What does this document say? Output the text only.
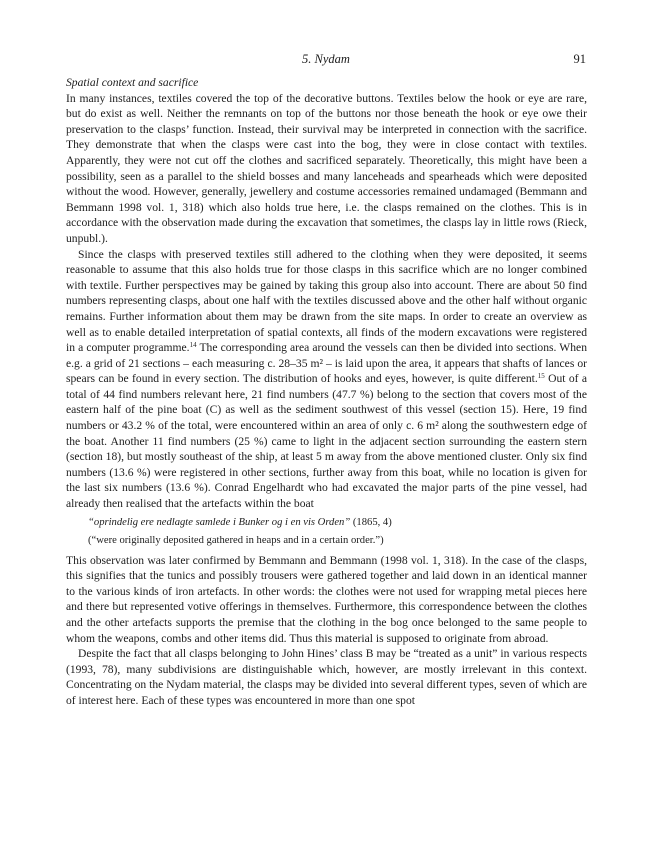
5. Nydam	91

Spatial context and sacrifice

In many instances, textiles covered the top of the decorative buttons. Textiles below the hook or eye are rare, but do exist as well. Neither the remnants on top of the buttons nor those beneath the hook or eye owe their preservation to the clasps’ function. Instead, their survival may be interpreted in connection with the sacrifice. They demonstrate that when the clasps were cast into the bog, they were in close contact with textiles. Apparently, they were not cut off the clothes and sacrificed separately. Theoretically, this might have been a possibility, seen as a parallel to the shield bosses and many lanceheads and spearheads which were deposited without the wood. However, generally, jewellery and costume accessories remained undamaged (Bemmann and Bemmann 1998 vol. 1, 318) which also holds true here, i.e. the clasps remained on the clothes. This is in accordance with the observation made during the excavation that sometimes, the clasps lay in little rows (Rieck, unpubl.).

Since the clasps with preserved textiles still adhered to the clothing when they were deposited, it seems reasonable to assume that this also holds true for those clasps in this sacrifice which are no longer combined with textile. Further perspectives may be gained by taking this group also into account. There are about 50 find numbers representing clasps, about one half with the textiles discussed above and the other half without organic remains. Further information about them may be drawn from the site maps. In order to create an overview as well as to enable detailed interpretation of spatial contexts, all finds of the modern excavations were registered in a computer programme.$^{14}$ The corresponding area around the vessels can then be divided into sections. When e.g. a grid of 21 sections – each measuring c. 28–35 m² – is laid upon the area, it appears that shafts of lances or spears can be found in every section. The distribution of hooks and eyes, however, is quite different.$^{15}$ Out of a total of 44 find numbers relevant here, 21 find numbers (47.7 %) belong to the section that covers most of the eastern half of the pine boat (C) as well as the sediment southwest of this vessel (section 15). Here, 19 find numbers or 43.2 % of the total, were encountered within an area of only c. 6 m² along the southwestern edge of the boat. Another 11 find numbers (25 %) came to light in the adjacent section surrounding the eastern stern (section 18), but mostly southeast of the ship, at least 5 m away from the above mentioned cluster. Only six find numbers (13.6 %) were registered in other sections, further away from this boat, while no location is given for the last six numbers (13.6 %). Conrad Engelhardt who had excavated the major parts of the pine vessel, had already then realised that the artefacts within the boat

“oprindelig ere nedlagte samlede i Bunker og i en vis Orden” (1865, 4)
(“were originally deposited gathered in heaps and in a certain order.”)

This observation was later confirmed by Bemmann and Bemmann (1998 vol. 1, 318). In the case of the clasps, this signifies that the tunics and possibly trousers were gathered together and laid down in an identical manner to the various kinds of iron artefacts. In other words: the clothes were not used for wrapping metal pieces here and there but represented votive offerings in themselves. Furthermore, this correspondence between the clothes and the other artefacts supports the premise that the clothing in the bog once belonged to the same people to whom the weapons, combs and other items did. Thus this material is supposed to originate from abroad.

Despite the fact that all clasps belonging to John Hines’ class B may be “treated as a unit” in various respects (1993, 78), many subdivisions are distinguishable which, however, are mostly irrelevant in this context. Concentrating on the Nydam material, the clasps may be divided into several different types, seven of which are of interest here. Each of these types was encountered in more than one spot
